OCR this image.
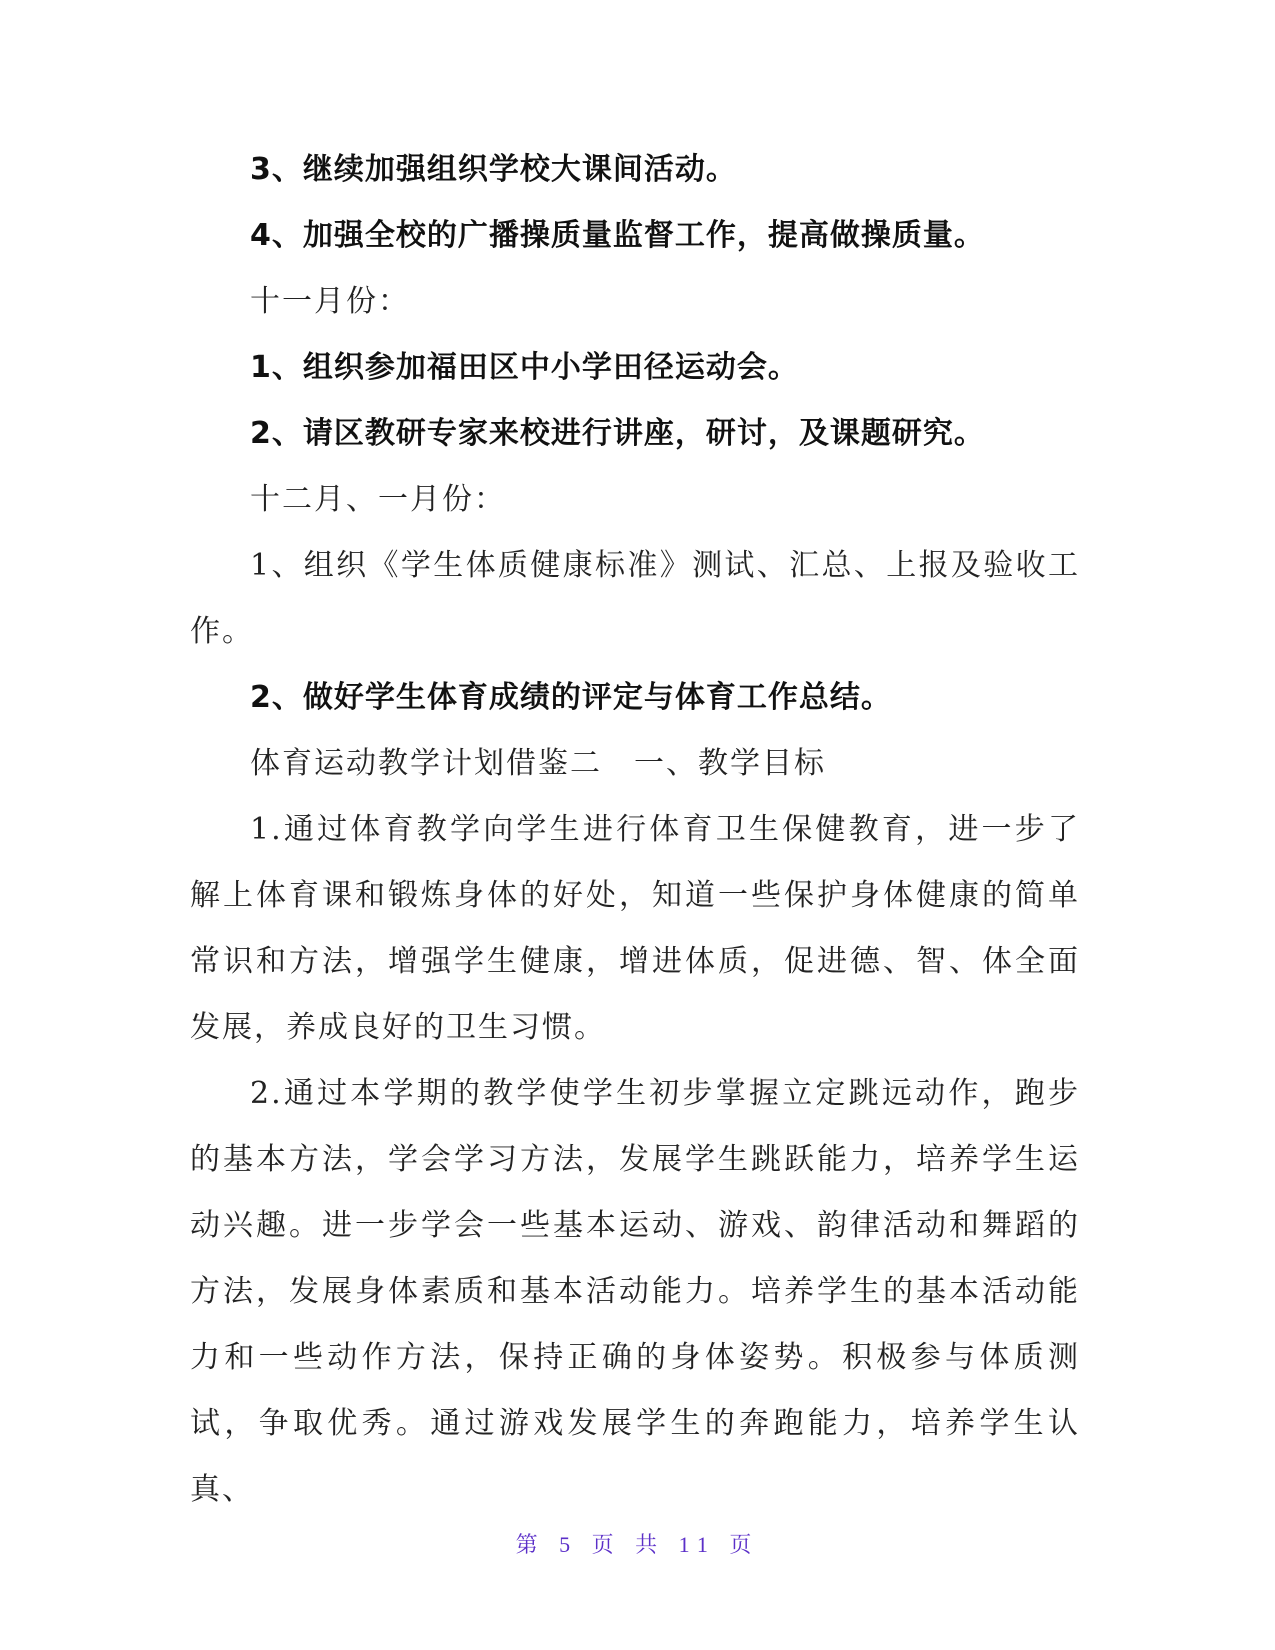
3、继续加强组织学校大课间活动。

4、加强全校的广播操质量监督工作，提高做操质量。

十一月份：

1、组织参加福田区中小学田径运动会。

2、请区教研专家来校进行讲座，研讨，及课题研究。

十二月、一月份：

1、组织《学生体质健康标准》测试、汇总、上报及验收工作。

2、做好学生体育成绩的评定与体育工作总结。

体育运动教学计划借鉴二　一、教学目标

1.通过体育教学向学生进行体育卫生保健教育，进一步了解上体育课和锻炼身体的好处，知道一些保护身体健康的简单常识和方法，增强学生健康，增进体质，促进德、智、体全面发展，养成良好的卫生习惯。

2.通过本学期的教学使学生初步掌握立定跳远动作，跑步的基本方法，学会学习方法，发展学生跳跃能力，培养学生运动兴趣。进一步学会一些基本运动、游戏、韵律活动和舞蹈的方法，发展身体素质和基本活动能力。培养学生的基本活动能力和一些动作方法，保持正确的身体姿势。积极参与体质测试，争取优秀。通过游戏发展学生的奔跑能力，培养学生认真、

第 5 页 共 11 页
